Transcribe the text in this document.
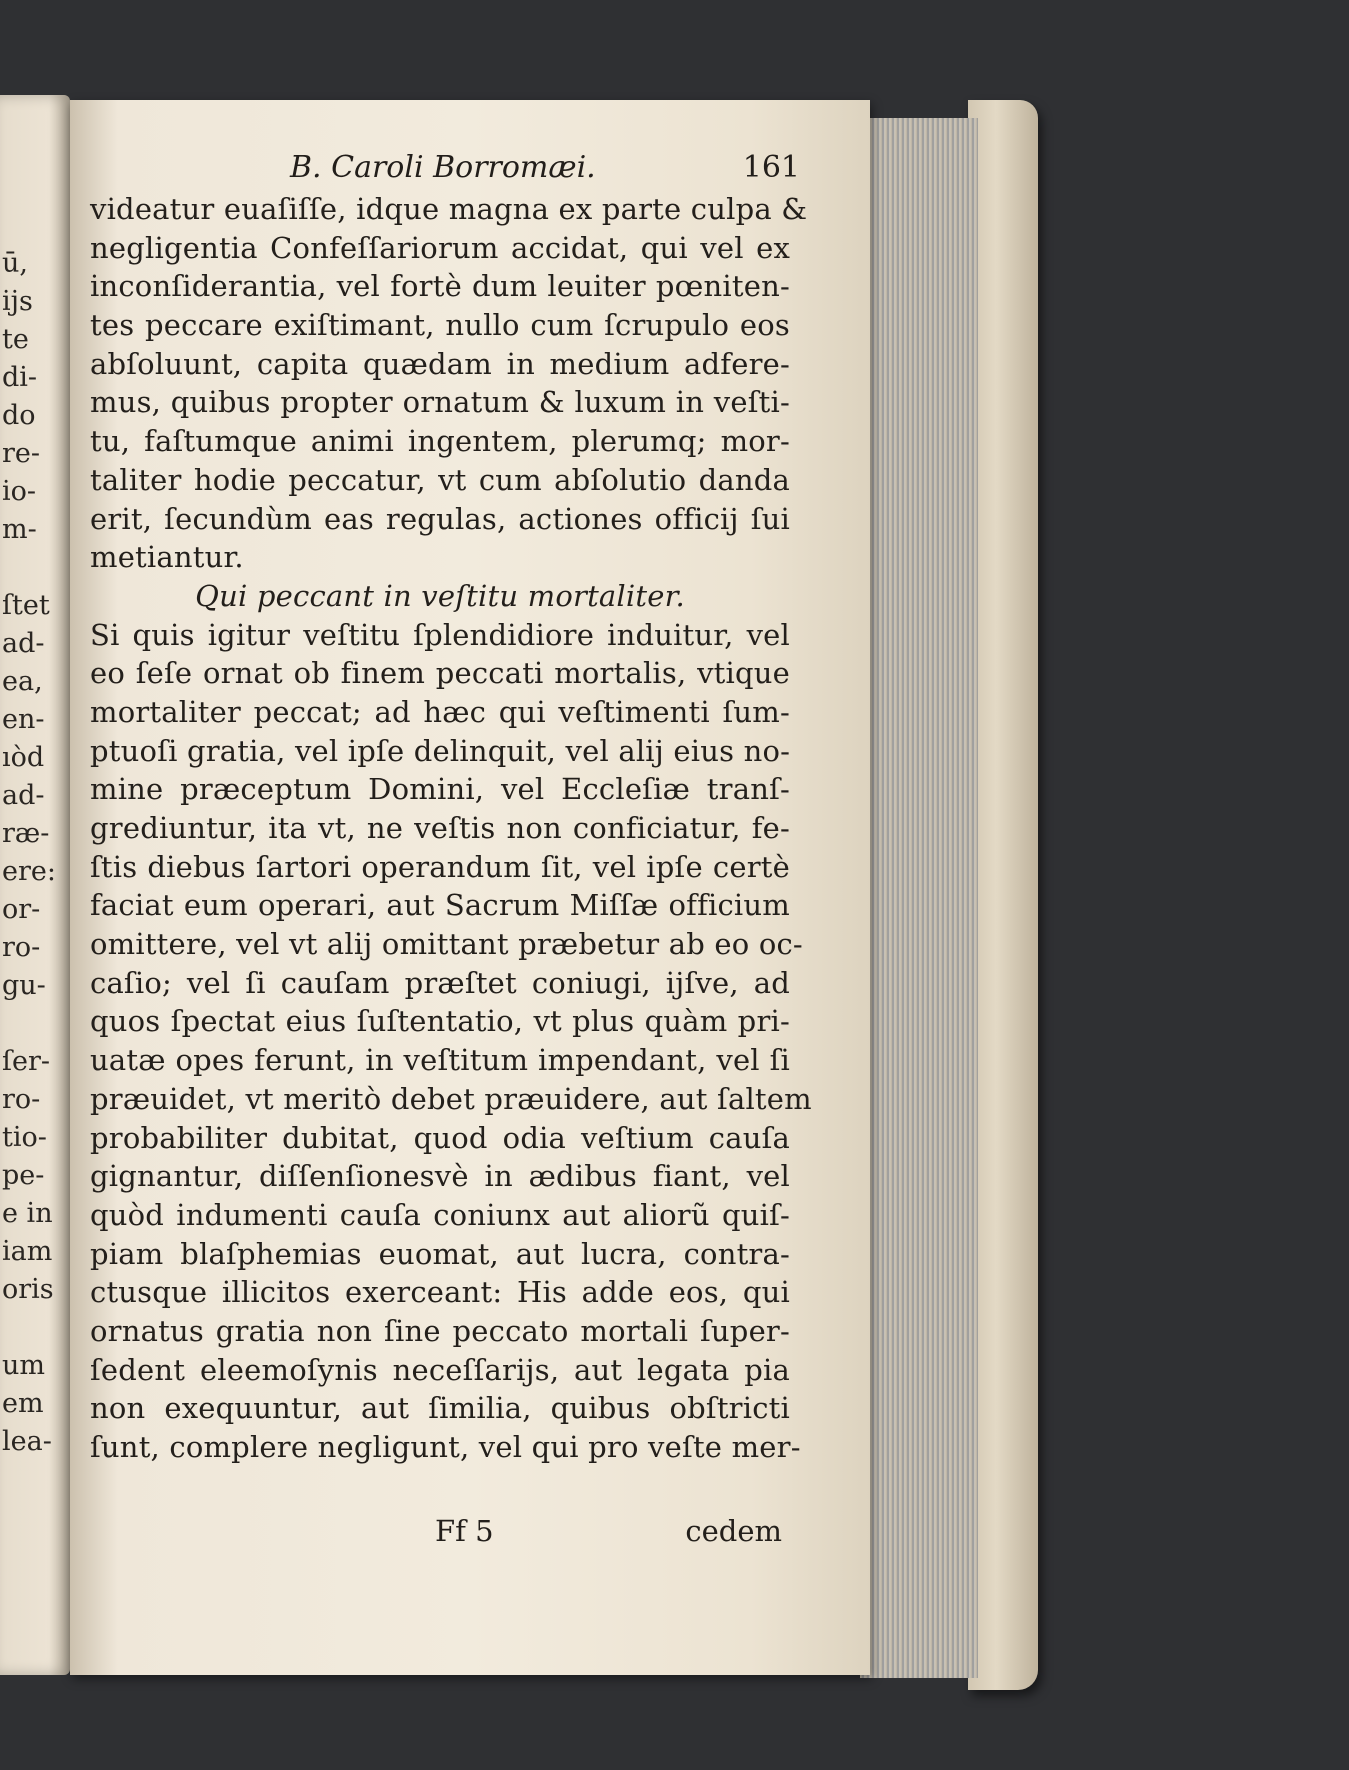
ū,
ijs
te
di-
do
re-
io-
m-
ſtet
ad-
ea,
en-
ıòd
ad-
ræ-
ere:
or-
ro-
gu-
ſer-
ro-
tio-
pe-
e in
iam
oris
um
em
lea-
B. Caroli Borromæi.	161
videatur euaſiſſe, idque magna ex parte culpa &
negligentia Confeſſariorum accidat, qui vel ex
inconſiderantia, vel fortè dum leuiter pœniten-
tes peccare exiſtimant, nullo cum ſcrupulo eos
abſoluunt, capita quædam in medium adfere-
mus, quibus propter ornatum & luxum in veſti-
tu, faſtumque animi ingentem, plerumq; mor-
taliter hodie peccatur, vt cum abſolutio danda
erit, ſecundùm eas regulas, actiones officij ſui
metiantur.
Qui peccant in veſtitu mortaliter.
Si quis igitur veſtitu ſplendidiore induitur, vel
eo ſeſe ornat ob finem peccati mortalis, vtique
mortaliter peccat; ad hæc qui veſtimenti ſum-
ptuoſi gratia, vel ipſe delinquit, vel alij eius no-
mine præceptum Domini, vel Eccleſiæ tranſ-
grediuntur, ita vt, ne veſtis non conficiatur, fe-
ſtis diebus ſartori operandum ſit, vel ipſe certè
faciat eum operari, aut Sacrum Miſſæ officium
omittere, vel vt alij omittant præbetur ab eo oc-
caſio; vel ſi cauſam præſtet coniugi, ijſve, ad
quos ſpectat eius ſuſtentatio, vt plus quàm pri-
uatæ opes ferunt, in veſtitum impendant, vel ſi
præuidet, vt meritò debet præuidere, aut ſaltem
probabiliter dubitat, quod odia veſtium cauſa
gignantur, diſſenſionesvè in ædibus fiant, vel
quòd indumenti cauſa coniunx aut aliorũ quiſ-
piam blaſphemias euomat, aut lucra, contra-
ctusque illicitos exerceant: His adde eos, qui
ornatus gratia non ſine peccato mortali ſuper-
ſedent eleemoſynis neceſſarijs, aut legata pia
non exequuntur, aut ſimilia, quibus obſtricti
ſunt, complere negligunt, vel qui pro veſte mer-
Ff 5	cedem
